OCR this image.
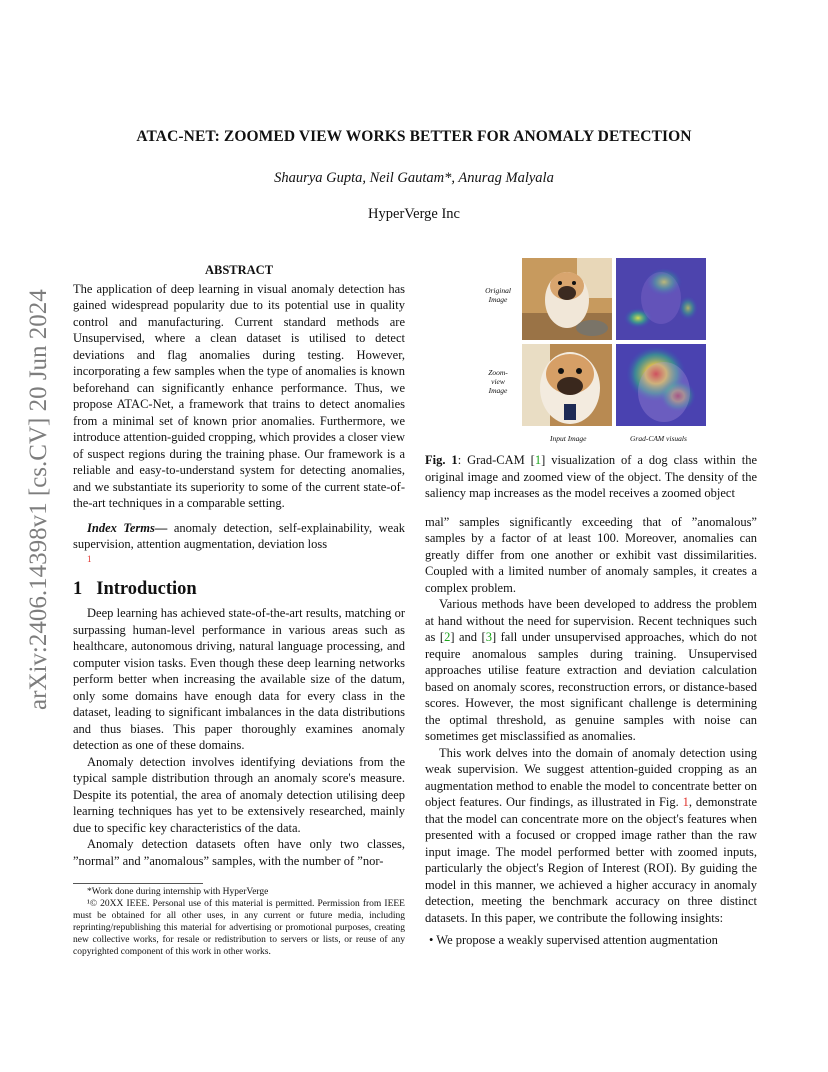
arXiv:2406.14398v1 [cs.CV] 20 Jun 2024
ATAC-NET: ZOOMED VIEW WORKS BETTER FOR ANOMALY DETECTION
Shaurya Gupta, Neil Gautam*, Anurag Malyala
HyperVerge Inc
ABSTRACT

The application of deep learning in visual anomaly detection has gained widespread popularity due to its potential use in quality control and manufacturing. Current standard methods are Unsupervised, where a clean dataset is utilised to detect deviations and flag anomalies during testing. However, incorporating a few samples when the type of anomalies is known beforehand can significantly enhance performance. Thus, we propose ATAC-Net, a framework that trains to detect anomalies from a minimal set of known prior anomalies. Furthermore, we introduce attention-guided cropping, which provides a closer view of suspect regions during the training phase. Our framework is a reliable and easy-to-understand system for detecting anomalies, and we substantiate its superiority to some of the current state-of-the-art techniques in a comparable setting.

Index Terms— anomaly detection, self-explainability, weak supervision, attention augmentation, deviation loss

1
1 Introduction

Deep learning has achieved state-of-the-art results, matching or surpassing human-level performance in various areas such as healthcare, autonomous driving, natural language processing, and computer vision tasks. Even though these deep learning networks perform better when increasing the available size of the datum, only some domains have enough data for every class in the dataset, leading to significant imbalances in the data distributions and thus biases. This paper thoroughly examines anomaly detection as one of these domains.

Anomaly detection involves identifying deviations from the typical sample distribution through an anomaly score's measure. Despite its potential, the area of anomaly detection utilising deep learning techniques has yet to be extensively researched, mainly due to specific key characteristics of the data.

Anomaly detection datasets often have only two classes, ”normal” and ”anomalous” samples, with the number of ”nor-

*Work done during internship with HyperVerge
¹© 20XX IEEE. Personal use of this material is permitted. Permission from IEEE must be obtained for all other uses, in any current or future media, including reprinting/republishing this material for advertising or promotional purposes, creating new collective works, for resale or redistribution to servers or lists, or reuse of any copyrighted component of this work in other works.
Original
Image
Zoom-
view
Image
Input Image	Grad-CAM visuals

Fig. 1: Grad-CAM [1] visualization of a dog class within the original image and zoomed view of the object. The density of the saliency map increases as the model receives a zoomed object

mal” samples significantly exceeding that of ”anomalous” samples by a factor of at least 100. Moreover, anomalies can greatly differ from one another or exhibit vast dissimilarities. Coupled with a limited number of anomaly samples, it creates a complex problem.

Various methods have been developed to address the problem at hand without the need for supervision. Recent techniques such as [2] and [3] fall under unsupervised approaches, which do not require anomalous samples during training. Unsupervised approaches utilise feature extraction and deviation calculation based on anomaly scores, reconstruction errors, or distance-based scores. However, the most significant challenge is determining the optimal threshold, as genuine samples with noise can sometimes get misclassified as anomalies.

This work delves into the domain of anomaly detection using weak supervision. We suggest attention-guided cropping as an augmentation method to enable the model to concentrate better on object features. Our findings, as illustrated in Fig. 1, demonstrate that the model can concentrate more on the object's features when presented with a focused or cropped image rather than the raw input image. The model performed better with zoomed inputs, particularly the object's Region of Interest (ROI). By guiding the model in this manner, we achieved a higher accuracy in anomaly detection, meeting the benchmark accuracy on three distinct datasets. In this paper, we contribute the following insights:

• We propose a weakly supervised attention augmentation
